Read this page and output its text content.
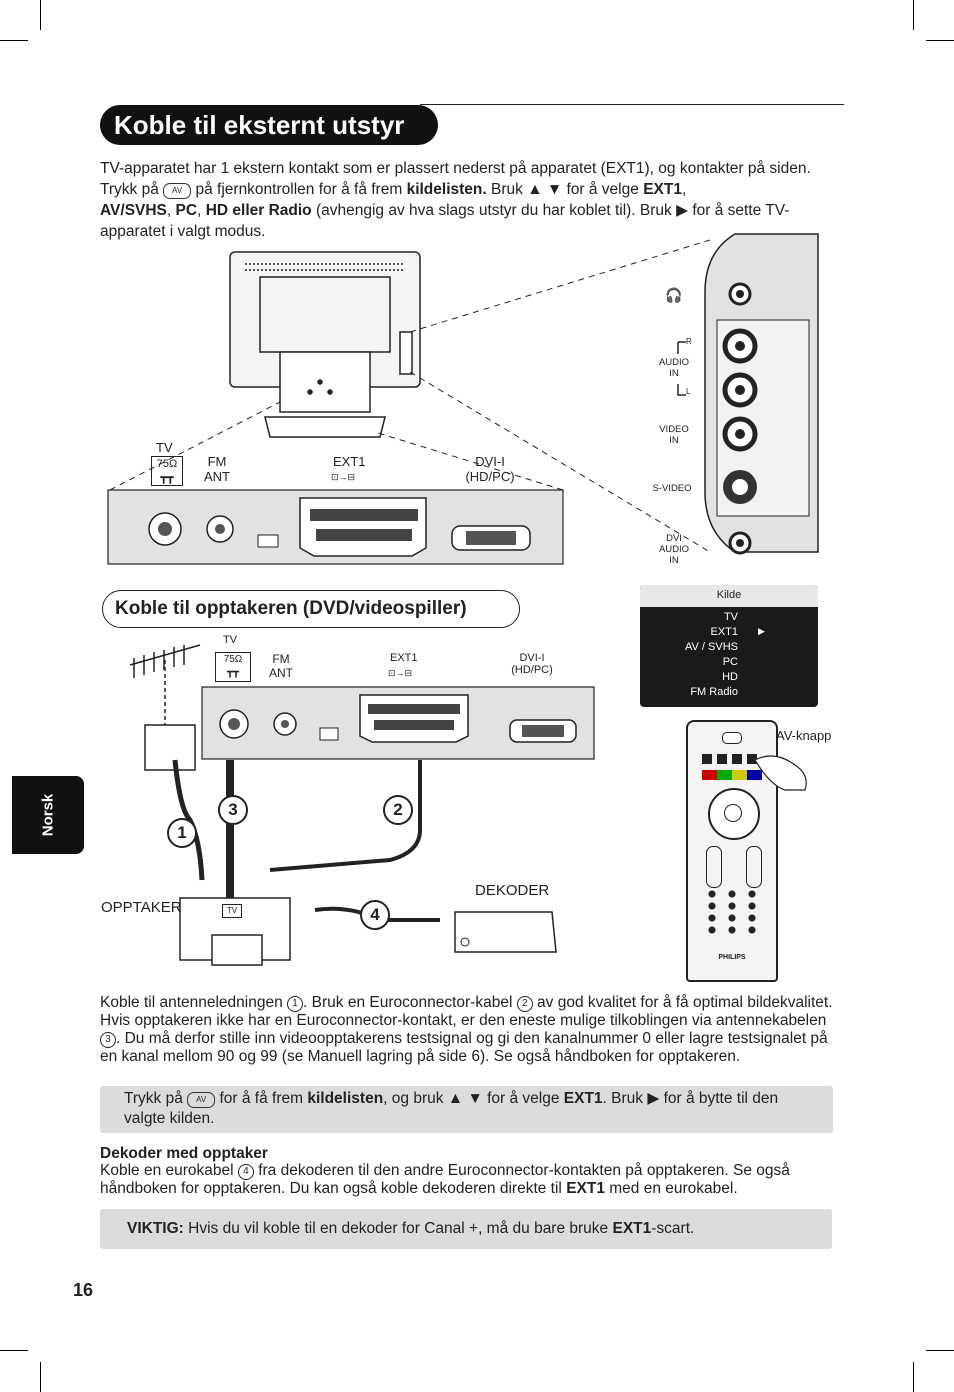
Koble til eksternt utstyr
TV-apparatet har 1 ekstern kontakt som er plassert nederst på apparatet (EXT1), og kontakter på siden. Trykk på AV på fjernkontrollen for å få frem kildelisten. Bruk ▲ ▼ for å velge EXT1,
AV/SVHS, PC, HD eller Radio (avhengig av hva slags utstyr du har koblet til). Bruk ▶ for å sette TV-apparatet i valgt modus.
🎧
TV
75Ω
┳┳
FM
ANT
EXT1
⊡→⊟
DVI-I
(HD/PC)
R
AUDIO
IN
L
VIDEO
IN
S-VIDEO
DVI
AUDIO
IN
Kilde
TV
EXT1 ▶
AV / SVHS
PC
HD
FM Radio
Koble til opptakeren (DVD/videospiller)
TV
75Ω
┳┳
FM
ANT
EXT1
⊡→⊟
DVI-I
(HD/PC)
1
2
3
4
OPPTAKER	TV
DEKODER
PHILIPS
AV-knapp
Koble til antenneledningen 1 . Bruk en Euroconnector-kabel 2 av god kvalitet for å få optimal bildekvalitet. Hvis opptakeren ikke har en Euroconnector-kontakt, er den eneste mulige tilkoblingen via antennekabelen 3 . Du må derfor stille inn videoopptakerens testsignal og gi den kanalnummer 0 eller lagre testsignalet på en kanal mellom 90 og 99 (se Manuell lagring på side 6). Se også håndboken for opptakeren.
Trykk på AV for å få frem kildelisten, og bruk ▲ ▼ for å velge EXT1. Bruk ▶ for å bytte til den valgte kilden.
Dekoder med opptaker
Koble en eurokabel 4 fra dekoderen til den andre Euroconnector-kontakten på opptakeren. Se også håndboken for opptakeren. Du kan også koble dekoderen direkte til EXT1 med en eurokabel.
VIKTIG: Hvis du vil koble til en dekoder for Canal +, må du bare bruke EXT1-scart.
Norsk
16
